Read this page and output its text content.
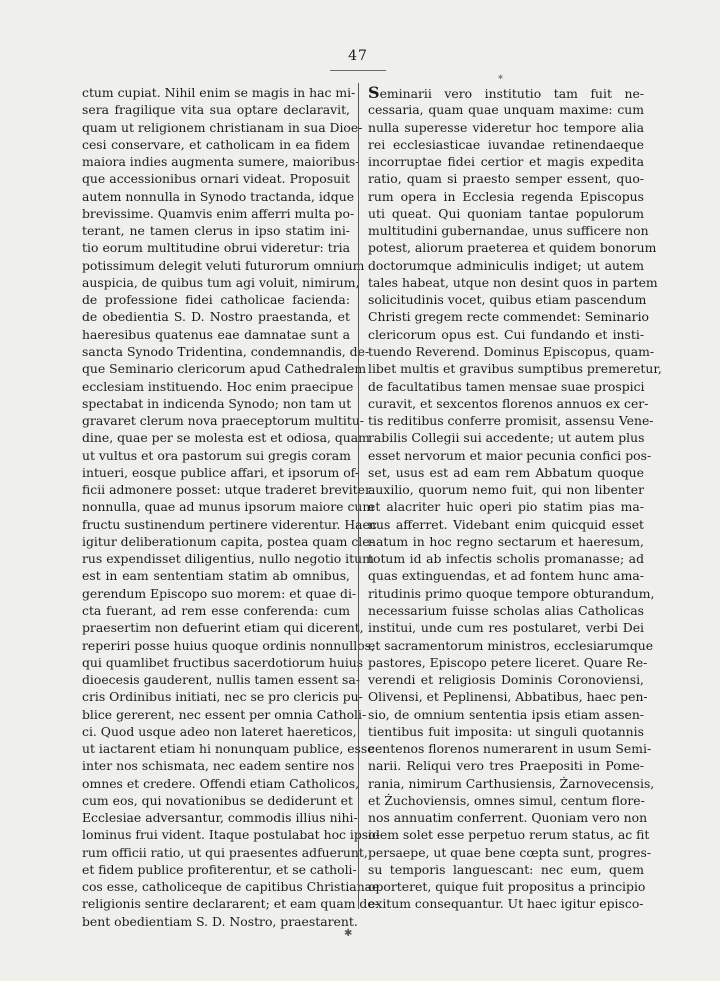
47
*
✱
ctum cupiat. Nihil enim se magis in hac mi-
sera fragilique vita sua optare declaravit,
quam ut religionem christianam in sua Dioe-
cesi conservare, et catholicam in ea fidem
maiora indies augmenta sumere, maioribus-
que accessionibus ornari videat. Proposuit
autem nonnulla in Synodo tractanda, idque
brevissime. Quamvis enim afferri multa po-
terant, ne tamen clerus in ipso statim ini-
tio eorum multitudine obrui videretur: tria
potissimum delegit veluti futurorum omnium
auspicia, de quibus tum agi voluit, nimirum,
de professione fidei catholicae facienda:
de obedientia S. D. Nostro praestanda, et
haeresibus quatenus eae damnatae sunt a
sancta Synodo Tridentina, condemnandis, de-
que Seminario clericorum apud Cathedralem
ecclesiam instituendo. Hoc enim praecipue
spectabat in indicenda Synodo; non tam ut
gravaret clerum nova praeceptorum multitu-
dine, quae per se molesta est et odiosa, quam
ut vultus et ora pastorum sui gregis coram
intueri, eosque publice affari, et ipsorum of-
ficii admonere posset: utque traderet breviter
nonnulla, quae ad munus ipsorum maiore cum
fructu sustinendum pertinere viderentur. Haec
igitur deliberationum capita, postea quam cle-
rus expendisset diligentius, nullo negotio itum
est in eam sententiam statim ab omnibus,
gerendum Episcopo suo morem: et quae di-
cta fuerant, ad rem esse conferenda: cum
praesertim non defuerint etiam qui dicerent,
reperiri posse huius quoque ordinis nonnullos,
qui quamlibet fructibus sacerdotiorum huius
dioecesis gauderent, nullis tamen essent sa-
cris Ordinibus initiati, nec se pro clericis pu-
blice gererent, nec essent per omnia Catholi-
ci. Quod usque adeo non lateret haereticos,
ut iactarent etiam hi nonunquam publice, esse
inter nos schismata, nec eadem sentire nos
omnes et credere. Offendi etiam Catholicos,
cum eos, qui novationibus se dediderunt et
Ecclesiae adversantur, commodis illius nihi-
lominus frui vident. Itaque postulabat hoc ipso-
rum officii ratio, ut qui praesentes adfuerunt,
et fidem publice profiterentur, et se catholi-
cos esse, catholiceque de capitibus Christianae
religionis sentire declararent; et eam quam de-
bent obedientiam S. D. Nostro, praestarent.
Seminarii vero institutio tam fuit ne-
cessaria, quam quae unquam maxime: cum
nulla superesse videretur hoc tempore alia
rei ecclesiasticae iuvandae retinendaeque
incorruptae fidei certior et magis expedita
ratio, quam si praesto semper essent, quo-
rum opera in Ecclesia regenda Episcopus
uti queat. Qui quoniam tantae populorum
multitudini gubernandae, unus sufficere non
potest, aliorum praeterea et quidem bonorum
doctorumque adminiculis indiget; ut autem
tales habeat, utque non desint quos in partem
solicitudinis vocet, quibus etiam pascendum
Christi gregem recte commendet: Seminario
clericorum opus est. Cui fundando et insti-
tuendo Reverend. Dominus Episcopus, quam-
libet multis et gravibus sumptibus premeretur,
de facultatibus tamen mensae suae prospici
curavit, et sexcentos florenos annuos ex cer-
tis reditibus conferre promisit, assensu Vene-
rabilis Collegii sui accedente; ut autem plus
esset nervorum et maior pecunia confici pos-
set, usus est ad eam rem Abbatum quoque
auxilio, quorum nemo fuit, qui non libenter
et alacriter huic operi pio statim pias ma-
nus afferret. Videbant enim quicquid esset
natum in hoc regno sectarum et haeresum,
totum id ab infectis scholis promanasse; ad
quas extinguendas, et ad fontem hunc ama-
ritudinis primo quoque tempore obturandum,
necessarium fuisse scholas alias Catholicas
institui, unde cum res postularet, verbi Dei
et sacramentorum ministros, ecclesiarumque
pastores, Episcopo petere liceret. Quare Re-
verendi et religiosis Dominis Coronoviensi,
Olivensi, et Peplinensi, Abbatibus, haec pen-
sio, de omnium sententia ipsis etiam assen-
tientibus fuit imposita: ut singuli quotannis
centenos florenos numerarent in usum Semi-
narii. Reliqui vero tres Praepositi in Pome-
rania, nimirum Carthusiensis, Żarnovecensis,
et Żuchoviensis, omnes simul, centum flore-
nos annuatim conferrent. Quoniam vero non
idem solet esse perpetuo rerum status, ac fit
persaepe, ut quae bene cœpta sunt, progres-
su temporis languescant: nec eum, quem
oporteret, quique fuit propositus a principio
exitum consequantur. Ut haec igitur episco-
